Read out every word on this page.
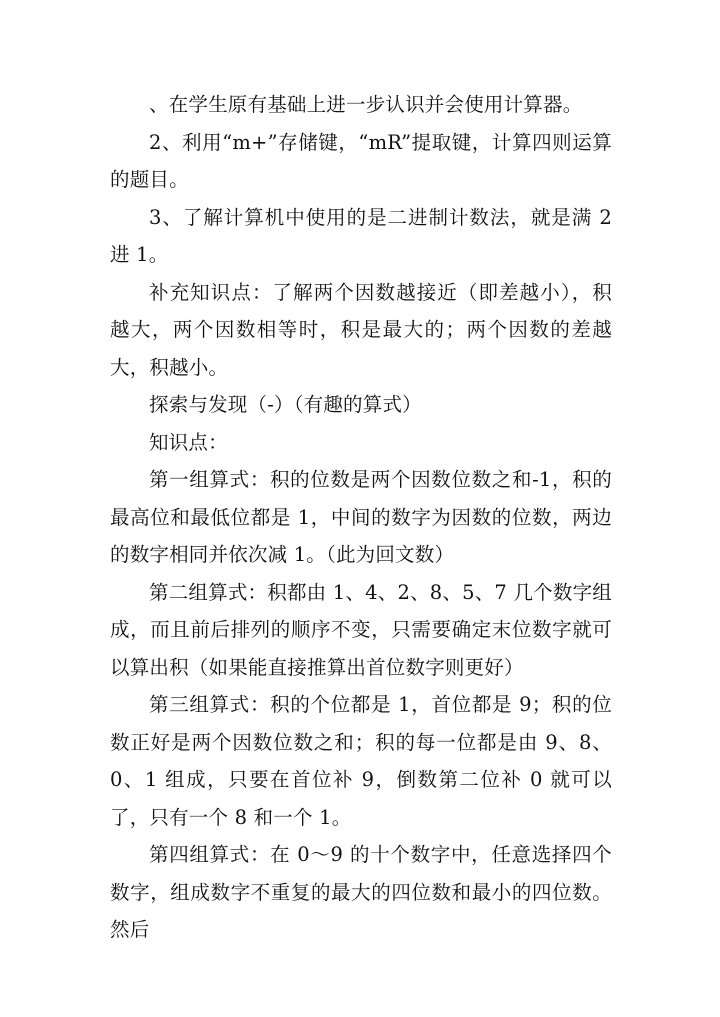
、在学生原有基础上进一步认识并会使用计算器。

2、利用“m+”存储键，“mR”提取键，计算四则运算的题目。

3、了解计算机中使用的是二进制计数法，就是满 2 进 1。

补充知识点：了解两个因数越接近（即差越小），积越大，两个因数相等时，积是最大的；两个因数的差越大，积越小。

探索与发现（-）（有趣的算式）

知识点：

第一组算式：积的位数是两个因数位数之和-1，积的最高位和最低位都是 1，中间的数字为因数的位数，两边的数字相同并依次减 1。（此为回文数）

第二组算式：积都由 1、4、2、8、5、7 几个数字组成，而且前后排列的顺序不变，只需要确定末位数字就可以算出积（如果能直接推算出首位数字则更好）

第三组算式：积的个位都是 1，首位都是 9；积的位数正好是两个因数位数之和；积的每一位都是由 9、8、0、1 组成，只要在首位补 9，倒数第二位补 0 就可以了，只有一个 8 和一个 1。

第四组算式：在 0～9 的十个数字中，任意选择四个数字，组成数字不重复的最大的四位数和最小的四位数。然后
